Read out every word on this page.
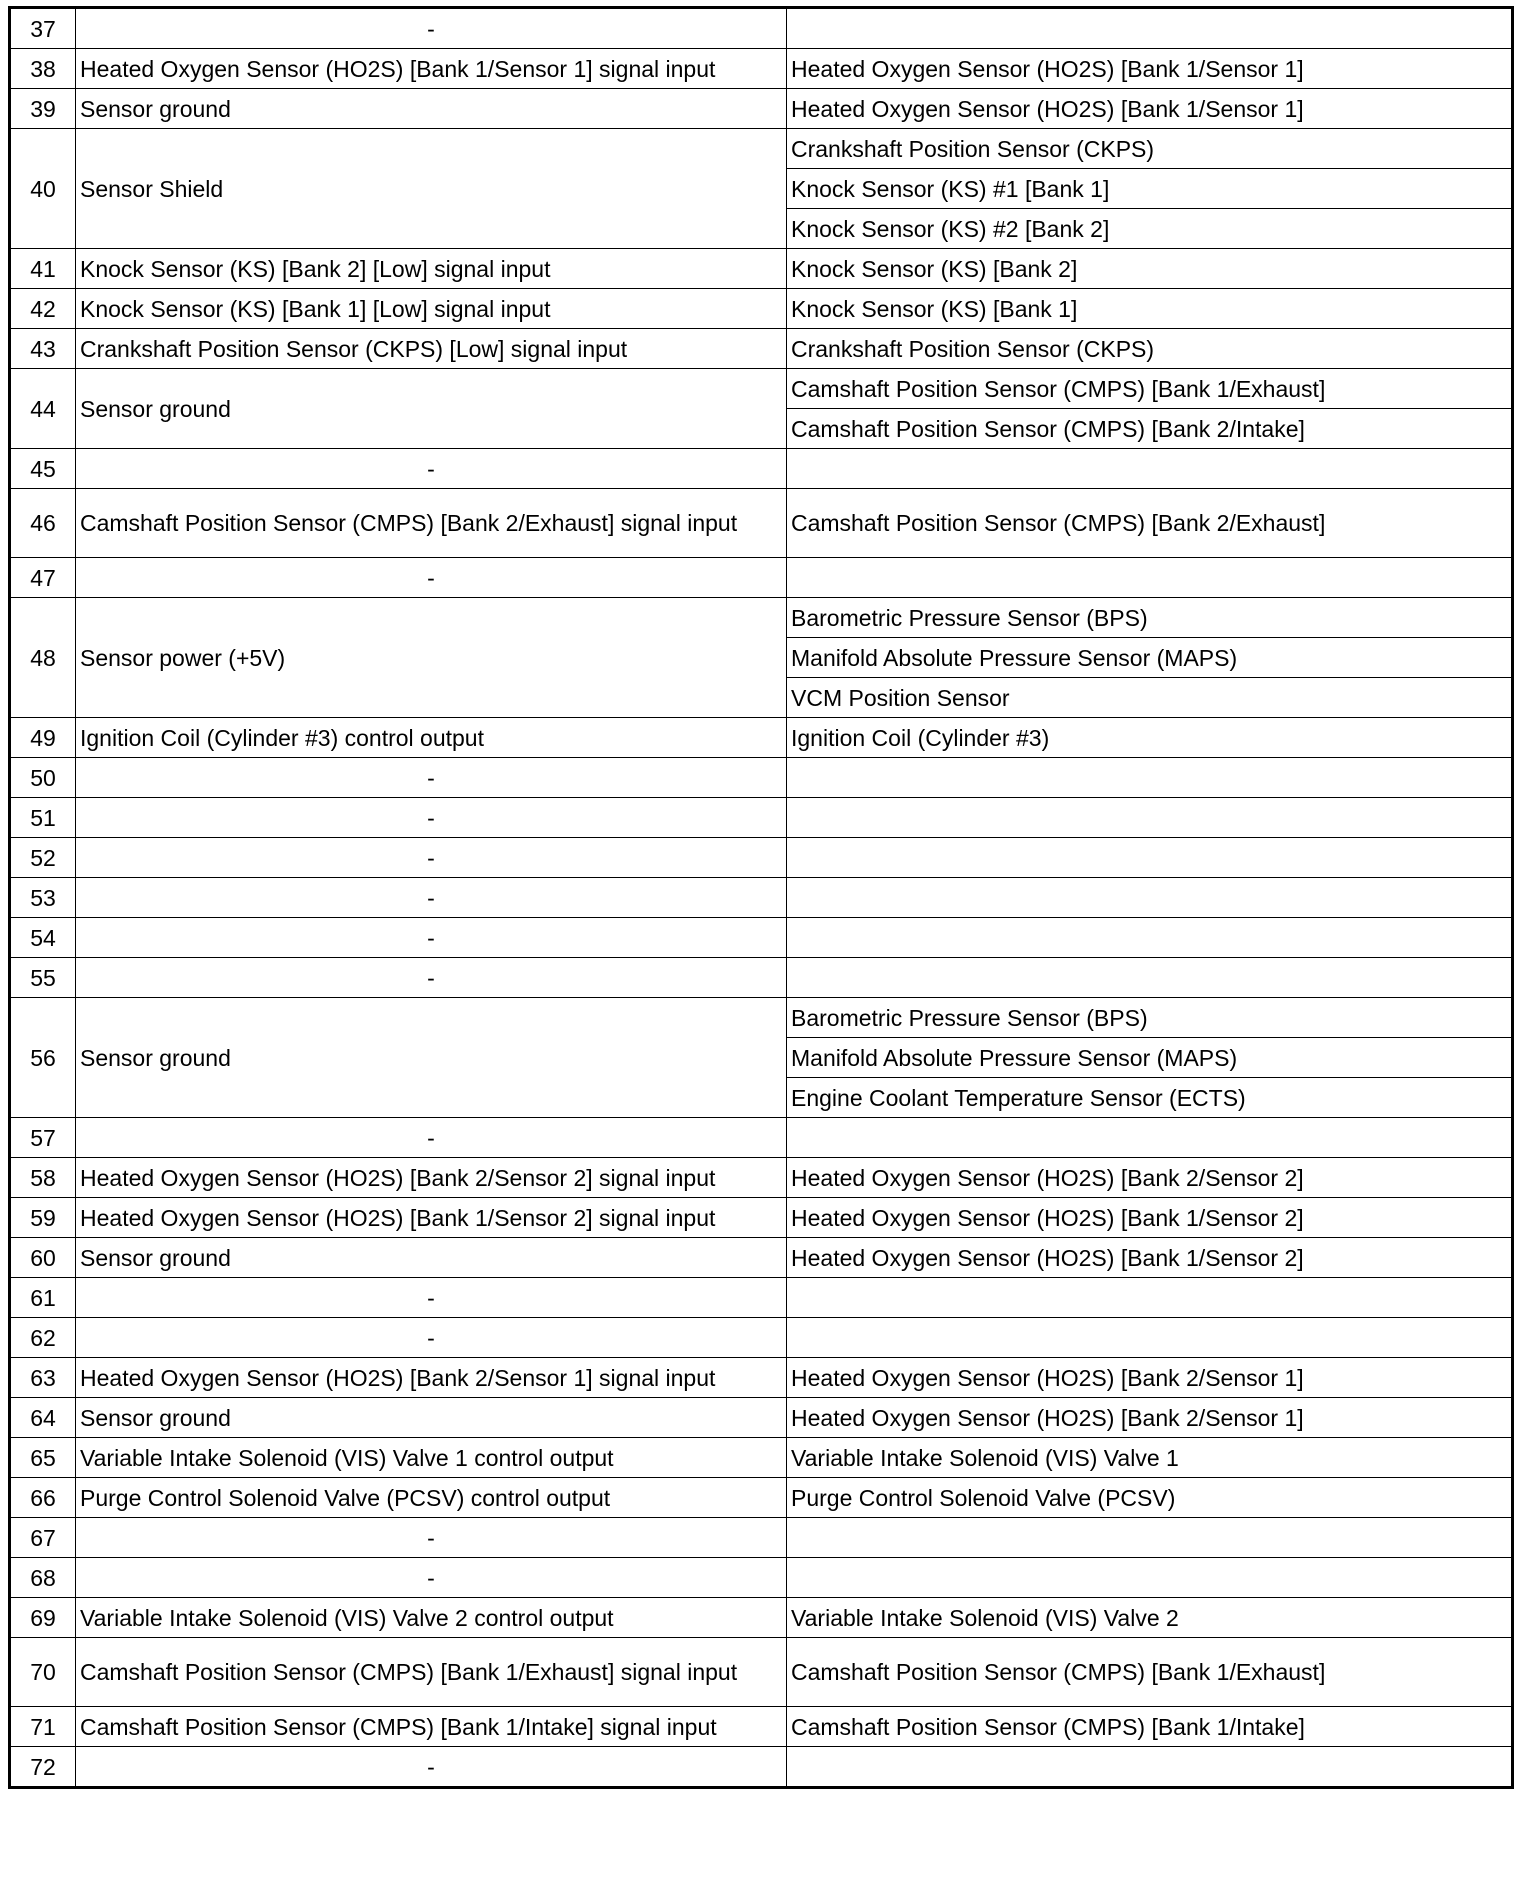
37	-	
38	Heated Oxygen Sensor (HO2S) [Bank 1/Sensor 1] signal input	Heated Oxygen Sensor (HO2S) [Bank 1/Sensor 1]
39	Sensor ground	Heated Oxygen Sensor (HO2S) [Bank 1/Sensor 1]
40	Sensor Shield	Crankshaft Position Sensor (CKPS)
		Knock Sensor (KS) #1 [Bank 1]
		Knock Sensor (KS) #2 [Bank 2]
41	Knock Sensor (KS) [Bank 2] [Low] signal input	Knock Sensor (KS) [Bank 2]
42	Knock Sensor (KS) [Bank 1] [Low] signal input	Knock Sensor (KS) [Bank 1]
43	Crankshaft Position Sensor (CKPS) [Low] signal input	Crankshaft Position Sensor (CKPS)
44	Sensor ground	Camshaft Position Sensor (CMPS) [Bank 1/Exhaust]
		Camshaft Position Sensor (CMPS) [Bank 2/Intake]
45	-	
46	Camshaft Position Sensor (CMPS) [Bank 2/Exhaust] signal input	Camshaft Position Sensor (CMPS) [Bank 2/Exhaust]
47	-	
48	Sensor power (+5V)	Barometric Pressure Sensor (BPS)
		Manifold Absolute Pressure Sensor (MAPS)
		VCM Position Sensor
49	Ignition Coil (Cylinder #3) control output	Ignition Coil (Cylinder #3)
50	-	
51	-	
52	-	
53	-	
54	-	
55	-	
56	Sensor ground	Barometric Pressure Sensor (BPS)
		Manifold Absolute Pressure Sensor (MAPS)
		Engine Coolant Temperature Sensor (ECTS)
57	-	
58	Heated Oxygen Sensor (HO2S) [Bank 2/Sensor 2] signal input	Heated Oxygen Sensor (HO2S) [Bank 2/Sensor 2]
59	Heated Oxygen Sensor (HO2S) [Bank 1/Sensor 2] signal input	Heated Oxygen Sensor (HO2S) [Bank 1/Sensor 2]
60	Sensor ground	Heated Oxygen Sensor (HO2S) [Bank 1/Sensor 2]
61	-	
62	-	
63	Heated Oxygen Sensor (HO2S) [Bank 2/Sensor 1] signal input	Heated Oxygen Sensor (HO2S) [Bank 2/Sensor 1]
64	Sensor ground	Heated Oxygen Sensor (HO2S) [Bank 2/Sensor 1]
65	Variable Intake Solenoid (VIS) Valve 1 control output	Variable Intake Solenoid (VIS) Valve 1
66	Purge Control Solenoid Valve (PCSV) control output	Purge Control Solenoid Valve (PCSV)
67	-	
68	-	
69	Variable Intake Solenoid (VIS) Valve 2 control output	Variable Intake Solenoid (VIS) Valve 2
70	Camshaft Position Sensor (CMPS) [Bank 1/Exhaust] signal input	Camshaft Position Sensor (CMPS) [Bank 1/Exhaust]
71	Camshaft Position Sensor (CMPS) [Bank 1/Intake] signal input	Camshaft Position Sensor (CMPS) [Bank 1/Intake]
72	-	
